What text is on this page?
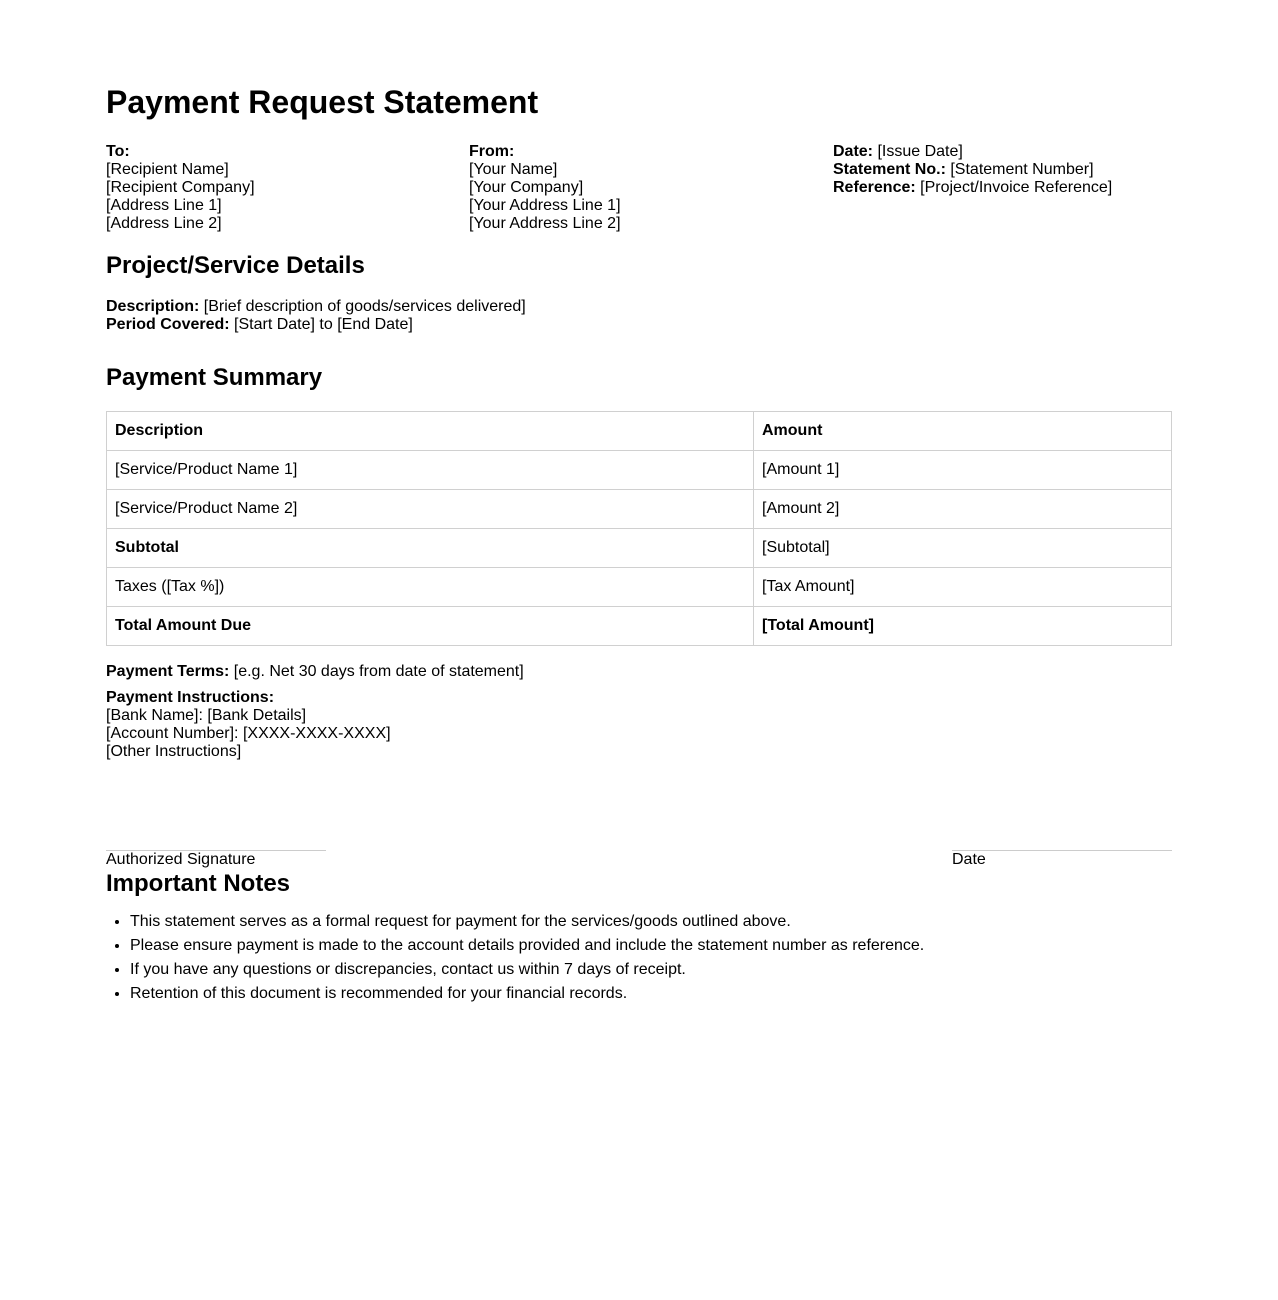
Payment Request Statement
To:
[Recipient Name]
[Recipient Company]
[Address Line 1]
[Address Line 2]
From:
[Your Name]
[Your Company]
[Your Address Line 1]
[Your Address Line 2]
Date: [Issue Date]
Statement No.: [Statement Number]
Reference: [Project/Invoice Reference]
Project/Service Details
Description: [Brief description of goods/services delivered]
Period Covered: [Start Date] to [End Date]
Payment Summary
Description	Amount
[Service/Product Name 1]	[Amount 1]
[Service/Product Name 2]	[Amount 2]
Subtotal	[Subtotal]
Taxes ([Tax %])	[Tax Amount]
Total Amount Due	[Total Amount]
Payment Terms: [e.g. Net 30 days from date of statement]
Payment Instructions:
[Bank Name]: [Bank Details]
[Account Number]: [XXXX-XXXX-XXXX]
[Other Instructions]
Authorized Signature	Date
Important Notes
• This statement serves as a formal request for payment for the services/goods outlined above.
• Please ensure payment is made to the account details provided and include the statement number as reference.
• If you have any questions or discrepancies, contact us within 7 days of receipt.
• Retention of this document is recommended for your financial records.
